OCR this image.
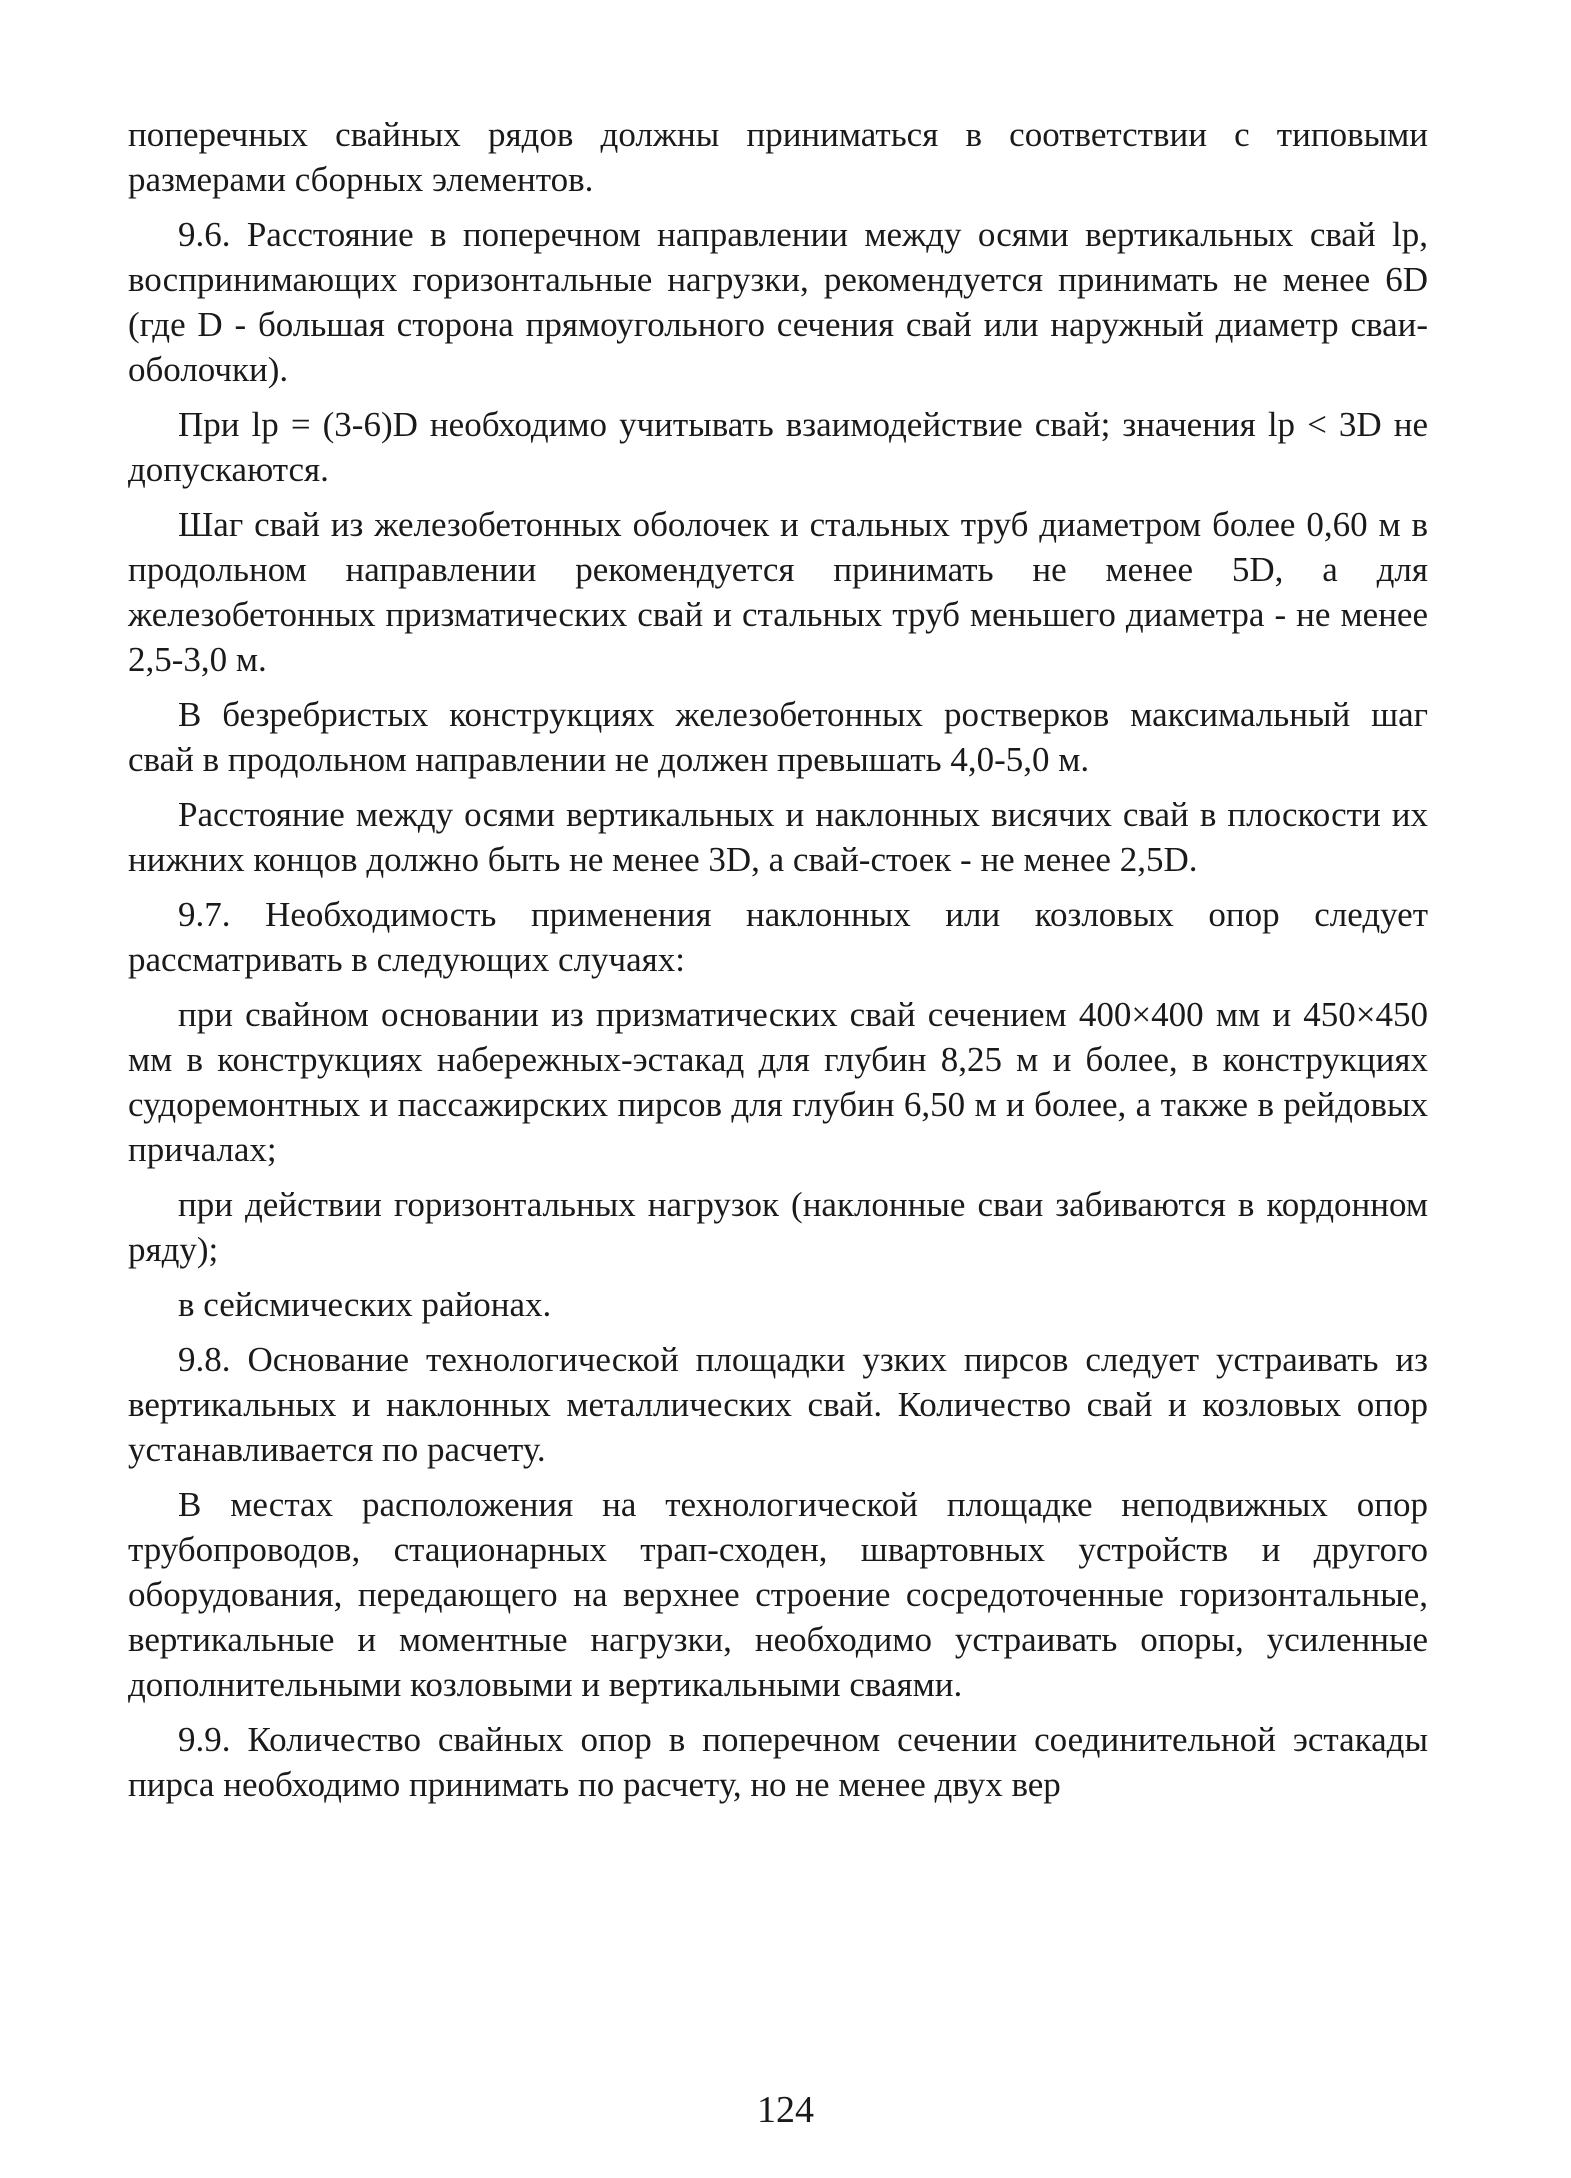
поперечных свайных рядов должны приниматься в соответствии с типовыми размерами сборных элементов.

9.6. Расстояние в поперечном направлении между осями вертикальных свай lр, воспринимающих горизонтальные нагрузки, рекомендуется принимать не менее 6D (где D - большая сторона прямоугольного сечения свай или наружный диаметр сваи-оболочки).

При lр = (3-6)D необходимо учитывать взаимодействие свай; значения lр < 3D не допускаются.

Шаг свай из железобетонных оболочек и стальных труб диаметром более 0,60 м в продольном направлении рекомендуется принимать не менее 5D, а для железобетонных призматических свай и стальных труб меньшего диаметра - не менее 2,5-3,0 м.

В безребристых конструкциях железобетонных ростверков максимальный шаг свай в продольном направлении не должен превышать 4,0-5,0 м.

Расстояние между осями вертикальных и наклонных висячих свай в плоскости их нижних концов должно быть не менее 3D, а свай-стоек - не менее 2,5D.

9.7. Необходимость применения наклонных или козловых опор следует рассматривать в следующих случаях:

при свайном основании из призматических свай сечением 400×400 мм и 450×450 мм в конструкциях набережных-эстакад для глубин 8,25 м и более, в конструкциях судоремонтных и пассажирских пирсов для глубин 6,50 м и более, а также в рейдовых причалах;

при действии горизонтальных нагрузок (наклонные сваи забиваются в кордонном ряду);

в сейсмических районах.

9.8. Основание технологической площадки узких пирсов следует устраивать из вертикальных и наклонных металлических свай. Количество свай и козловых опор устанавливается по расчету.

В местах расположения на технологической площадке неподвижных опор трубопроводов, стационарных трап-сходен, швартовных устройств и другого оборудования, передающего на верхнее строение сосредоточенные горизонтальные, вертикальные и моментные нагрузки, необходимо устраивать опоры, усиленные дополнительными козловыми и вертикальными сваями.

9.9. Количество свайных опор в поперечном сечении соединительной эстакады пирса необходимо принимать по расчету, но не менее двух вер

124
